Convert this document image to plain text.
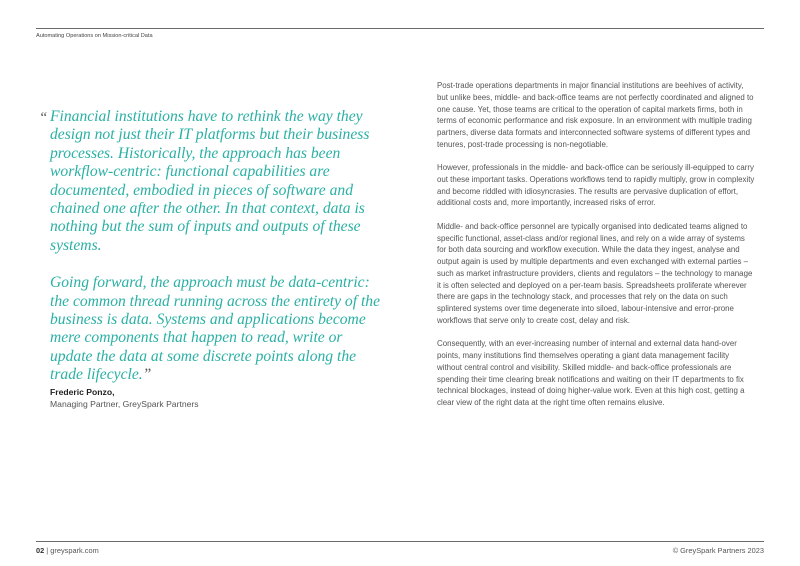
Automating Operations on Mission-critical Data
“ Financial institutions have to rethink the way they design not just their IT platforms but their business processes. Historically, the approach has been workflow-centric: functional capabilities are documented, embodied in pieces of software and chained one after the other. In that context, data is nothing but the sum of inputs and outputs of these systems.

Going forward, the approach must be data-centric: the common thread running across the entirety of the business is data. Systems and applications become mere components that happen to read, write or update the data at some discrete points along the trade lifecycle.”

Frederic Ponzo,
Managing Partner, GreySpark Partners

Post-trade operations departments in major financial institutions are beehives of activity, but unlike bees, middle- and back-office teams are not perfectly coordinated and aligned to one cause. Yet, those teams are critical to the operation of capital markets firms, both in terms of economic performance and risk exposure. In an environment with multiple trading partners, diverse data formats and interconnected software systems of different types and tenures, post-trade processing is non-negotiable.

However, professionals in the middle- and back-office can be seriously ill-equipped to carry out these important tasks. Operations workflows tend to rapidly multiply, grow in complexity and become riddled with idiosyncrasies. The results are pervasive duplication of effort, additional costs and, more importantly, increased risks of error.

Middle- and back-office personnel are typically organised into dedicated teams aligned to specific functional, asset-class and/or regional lines, and rely on a wide array of systems for both data sourcing and workflow execution. While the data they ingest, analyse and output again is used by multiple departments and even exchanged with external parties – such as market infrastructure providers, clients and regulators – the technology to manage it is often selected and deployed on a per-team basis. Spreadsheets proliferate wherever there are gaps in the technology stack, and processes that rely on the data on such splintered systems over time degenerate into siloed, labour-intensive and error-prone workflows that serve only to create cost, delay and risk.

Consequently, with an ever-increasing number of internal and external data hand-over points, many institutions find themselves operating a giant data management facility without central control and visibility. Skilled middle- and back-office professionals are spending their time clearing break notifications and waiting on their IT departments to fix technical blockages, instead of doing higher-value work. Even at this high cost, getting a clear view of the right data at the right time often remains elusive.

02 | greyspark.com	© GreySpark Partners 2023
